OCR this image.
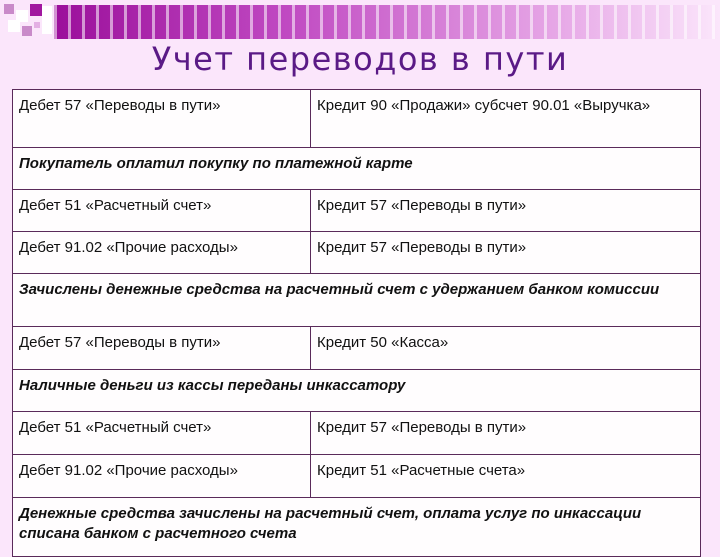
Учет переводов в пути
Дебет 57 «Переводы в пути»	Кредит 90 «Продажи» субсчет 90.01 «Выручка»
Покупатель оплатил покупку по платежной карте	
Дебет 51 «Расчетный счет»	Кредит 57 «Переводы в пути»
Дебет 91.02 «Прочие расходы»	Кредит 57 «Переводы в пути»
Зачислены денежные средства на расчетный счет с удержанием банком комиссии	
Дебет 57 «Переводы в пути»	Кредит 50 «Касса»
Наличные деньги из кассы переданы инкассатору	
Дебет 51 «Расчетный счет»	Кредит 57 «Переводы в пути»
Дебет 91.02 «Прочие расходы»	Кредит 51 «Расчетные счета»
Денежные средства зачислены на расчетный счет, оплата услуг по инкассации списана банком с расчетного счета	
